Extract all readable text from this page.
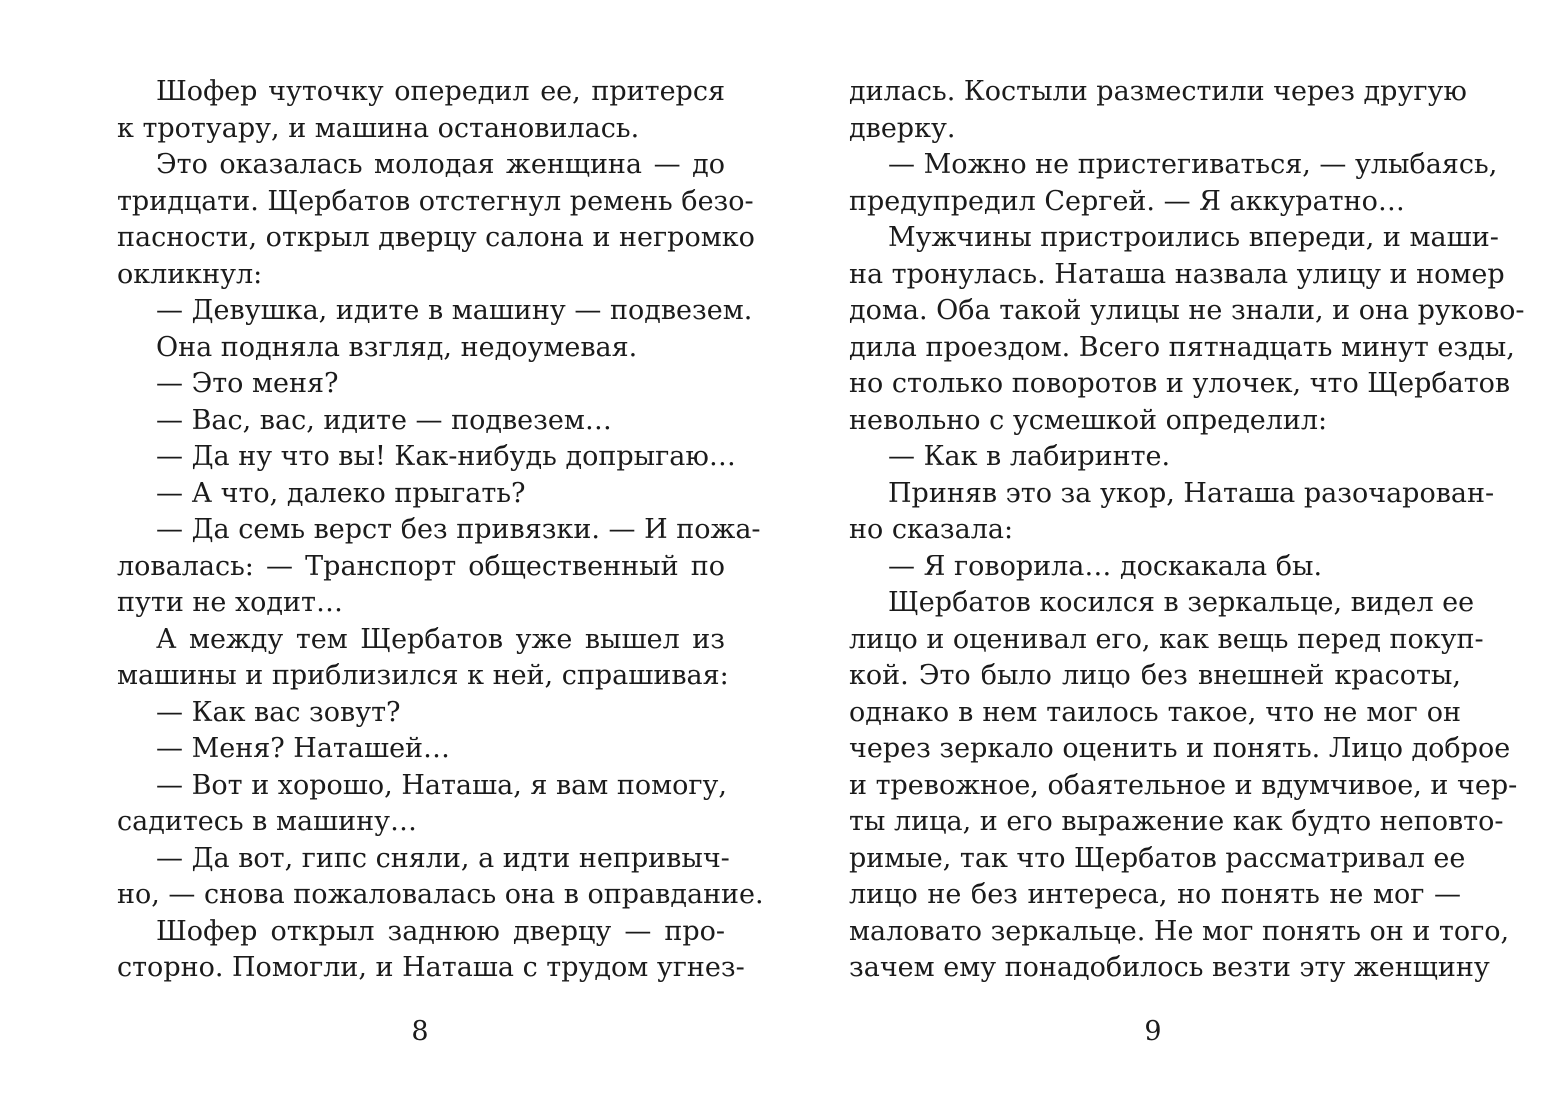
Шофер чуточку опередил ее, притерся
к тротуару, и машина остановилась.
Это оказалась молодая женщина — до
тридцати. Щербатов отстегнул ремень безо-
пасности, открыл дверцу салона и негромко
окликнул:
— Девушка, идите в машину — подвезем.
Она подняла взгляд, недоумевая.
— Это меня?
— Вас, вас, идите — подвезем…
— Да ну что вы! Как-нибудь допрыгаю…
— А что, далеко прыгать?
— Да семь верст без привязки. — И пожа-
ловалась: — Транспорт общественный по
пути не ходит…
А между тем Щербатов уже вышел из
машины и приблизился к ней, спрашивая:
— Как вас зовут?
— Меня? Наташей…
— Вот и хорошо, Наташа, я вам помогу,
садитесь в машину…
— Да вот, гипс сняли, а идти непривыч-
но, — снова пожаловалась она в оправдание.
Шофер открыл заднюю дверцу — про-
сторно. Помогли, и Наташа с трудом угнез-
дилась. Костыли разместили через другую
дверку.
— Можно не пристегиваться, — улыбаясь,
предупредил Сергей. — Я аккуратно…
Мужчины пристроились впереди, и маши-
на тронулась. Наташа назвала улицу и номер
дома. Оба такой улицы не знали, и она руково-
дила проездом. Всего пятнадцать минут езды,
но столько поворотов и улочек, что Щербатов
невольно с усмешкой определил:
— Как в лабиринте.
Приняв это за укор, Наташа разочарован-
но сказала:
— Я говорила… доскакала бы.
Щербатов косился в зеркальце, видел ее
лицо и оценивал его, как вещь перед покуп-
кой. Это было лицо без внешней красоты,
однако в нем таилось такое, что не мог он
через зеркало оценить и понять. Лицо доброе
и тревожное, обаятельное и вдумчивое, и чер-
ты лица, и его выражение как будто неповто-
римые, так что Щербатов рассматривал ее
лицо не без интереса, но понять не мог —
маловато зеркальце. Не мог понять он и того,
зачем ему понадобилось везти эту женщину
8	9
